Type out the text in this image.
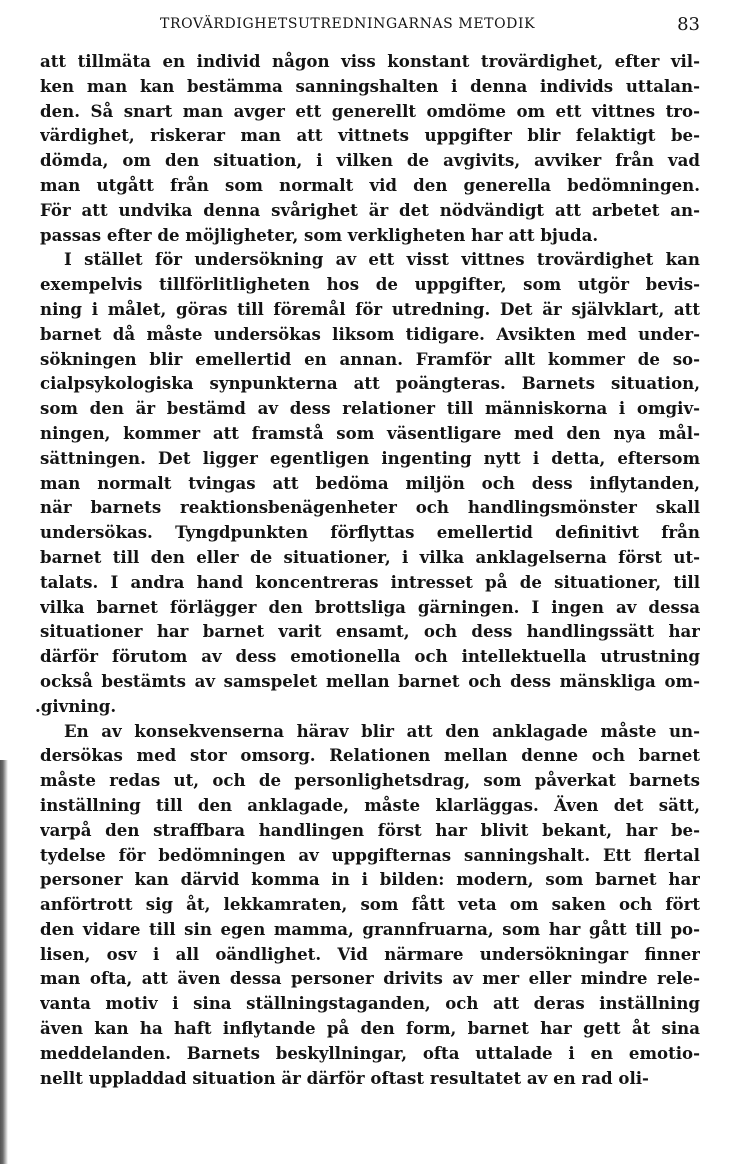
TROVÄRDIGHETSUTREDNINGARNAS METODIK	83
att tillmäta en individ någon viss konstant trovärdighet, efter vil-
ken man kan bestämma sanningshalten i denna individs uttalan-
den. Så snart man avger ett generellt omdöme om ett vittnes tro-
värdighet, riskerar man att vittnets uppgifter blir felaktigt be-
dömda, om den situation, i vilken de avgivits, avviker från vad
man utgått från som normalt vid den generella bedömningen.
För att undvika denna svårighet är det nödvändigt att arbetet an-
passas efter de möjligheter, som verkligheten har att bjuda.
I stället för undersökning av ett visst vittnes trovärdighet kan
exempelvis tillförlitligheten hos de uppgifter, som utgör bevis-
ning i målet, göras till föremål för utredning. Det är självklart, att
barnet då måste undersökas liksom tidigare. Avsikten med under-
sökningen blir emellertid en annan. Framför allt kommer de so-
cialpsykologiska synpunkterna att poängteras. Barnets situation,
som den är bestämd av dess relationer till människorna i omgiv-
ningen, kommer att framstå som väsentligare med den nya mål-
sättningen. Det ligger egentligen ingenting nytt i detta, eftersom
man normalt tvingas att bedöma miljön och dess inflytanden,
när barnets reaktionsbenägenheter och handlingsmönster skall
undersökas. Tyngdpunkten förflyttas emellertid definitivt från
barnet till den eller de situationer, i vilka anklagelserna först ut-
talats. I andra hand koncentreras intresset på de situationer, till
vilka barnet förlägger den brottsliga gärningen. I ingen av dessa
situationer har barnet varit ensamt, och dess handlingssätt har
därför förutom av dess emotionella och intellektuella utrustning
också bestämts av samspelet mellan barnet och dess mänskliga om-
.givning.
En av konsekvenserna härav blir att den anklagade måste un-
dersökas med stor omsorg. Relationen mellan denne och barnet
måste redas ut, och de personlighetsdrag, som påverkat barnets
inställning till den anklagade, måste klarläggas. Även det sätt,
varpå den straffbara handlingen först har blivit bekant, har be-
tydelse för bedömningen av uppgifternas sanningshalt. Ett flertal
personer kan därvid komma in i bilden: modern, som barnet har
anförtrott sig åt, lekkamraten, som fått veta om saken och fört
den vidare till sin egen mamma, grannfruarna, som har gått till po-
lisen, osv i all oändlighet. Vid närmare undersökningar finner
man ofta, att även dessa personer drivits av mer eller mindre rele-
vanta motiv i sina ställningstaganden, och att deras inställning
även kan ha haft inflytande på den form, barnet har gett åt sina
meddelanden. Barnets beskyllningar, ofta uttalade i en emotio-
nellt uppladdad situation är därför oftast resultatet av en rad oli-
